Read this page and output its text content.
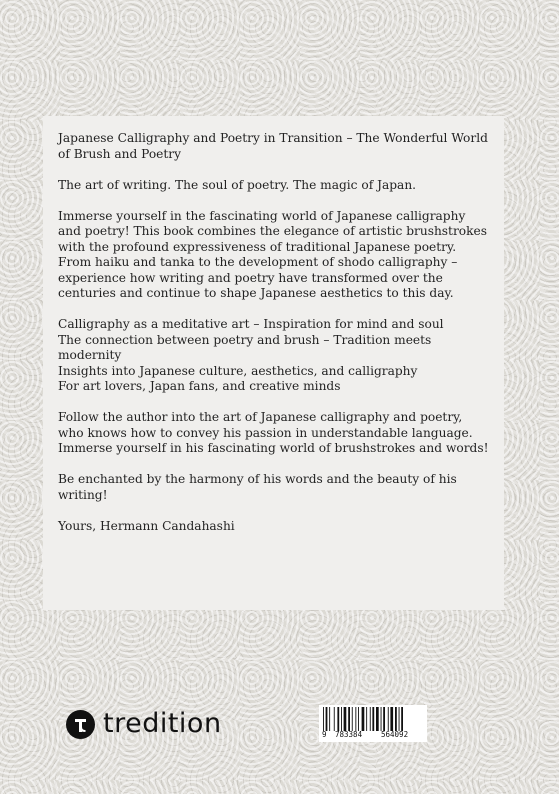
Japanese Calligraphy and Poetry in Transition – The Wonderful World of Brush and Poetry

The art of writing. The soul of poetry. The magic of Japan.

Immerse yourself in the fascinating world of Japanese calligraphy and poetry! This book combines the elegance of artistic brushstrokes with the profound expressiveness of traditional Japanese poetry. From haiku and tanka to the development of shodo calligraphy – experience how writing and poetry have transformed over the centuries and continue to shape Japanese aesthetics to this day.

Calligraphy as a meditative art – Inspiration for mind and soul
The connection between poetry and brush – Tradition meets modernity
Insights into Japanese culture, aesthetics, and calligraphy
For art lovers, Japan fans, and creative minds

Follow the author into the art of Japanese calligraphy and poetry, who knows how to convey his passion in understandable language. Immerse yourself in his fascinating world of brushstrokes and words!

Be enchanted by the harmony of his words and the beauty of his writing!

Yours, Hermann Candahashi

tredition	9 783384	564092
